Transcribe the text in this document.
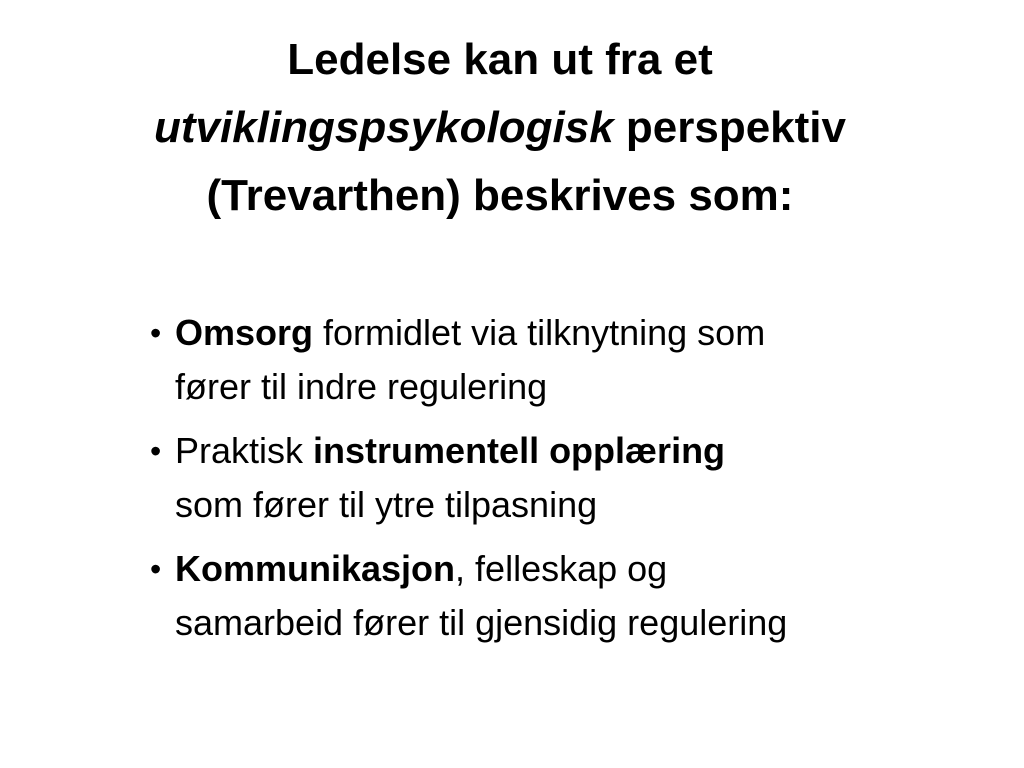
Ledelse kan ut fra et
utviklingspsykologisk perspektiv
(Trevarthen) beskrives som:
• Omsorg formidlet via tilknytning som
fører til indre regulering
• Praktisk instrumentell opplæring
som fører til ytre tilpasning
• Kommunikasjon, felleskap og
samarbeid fører til gjensidig regulering
